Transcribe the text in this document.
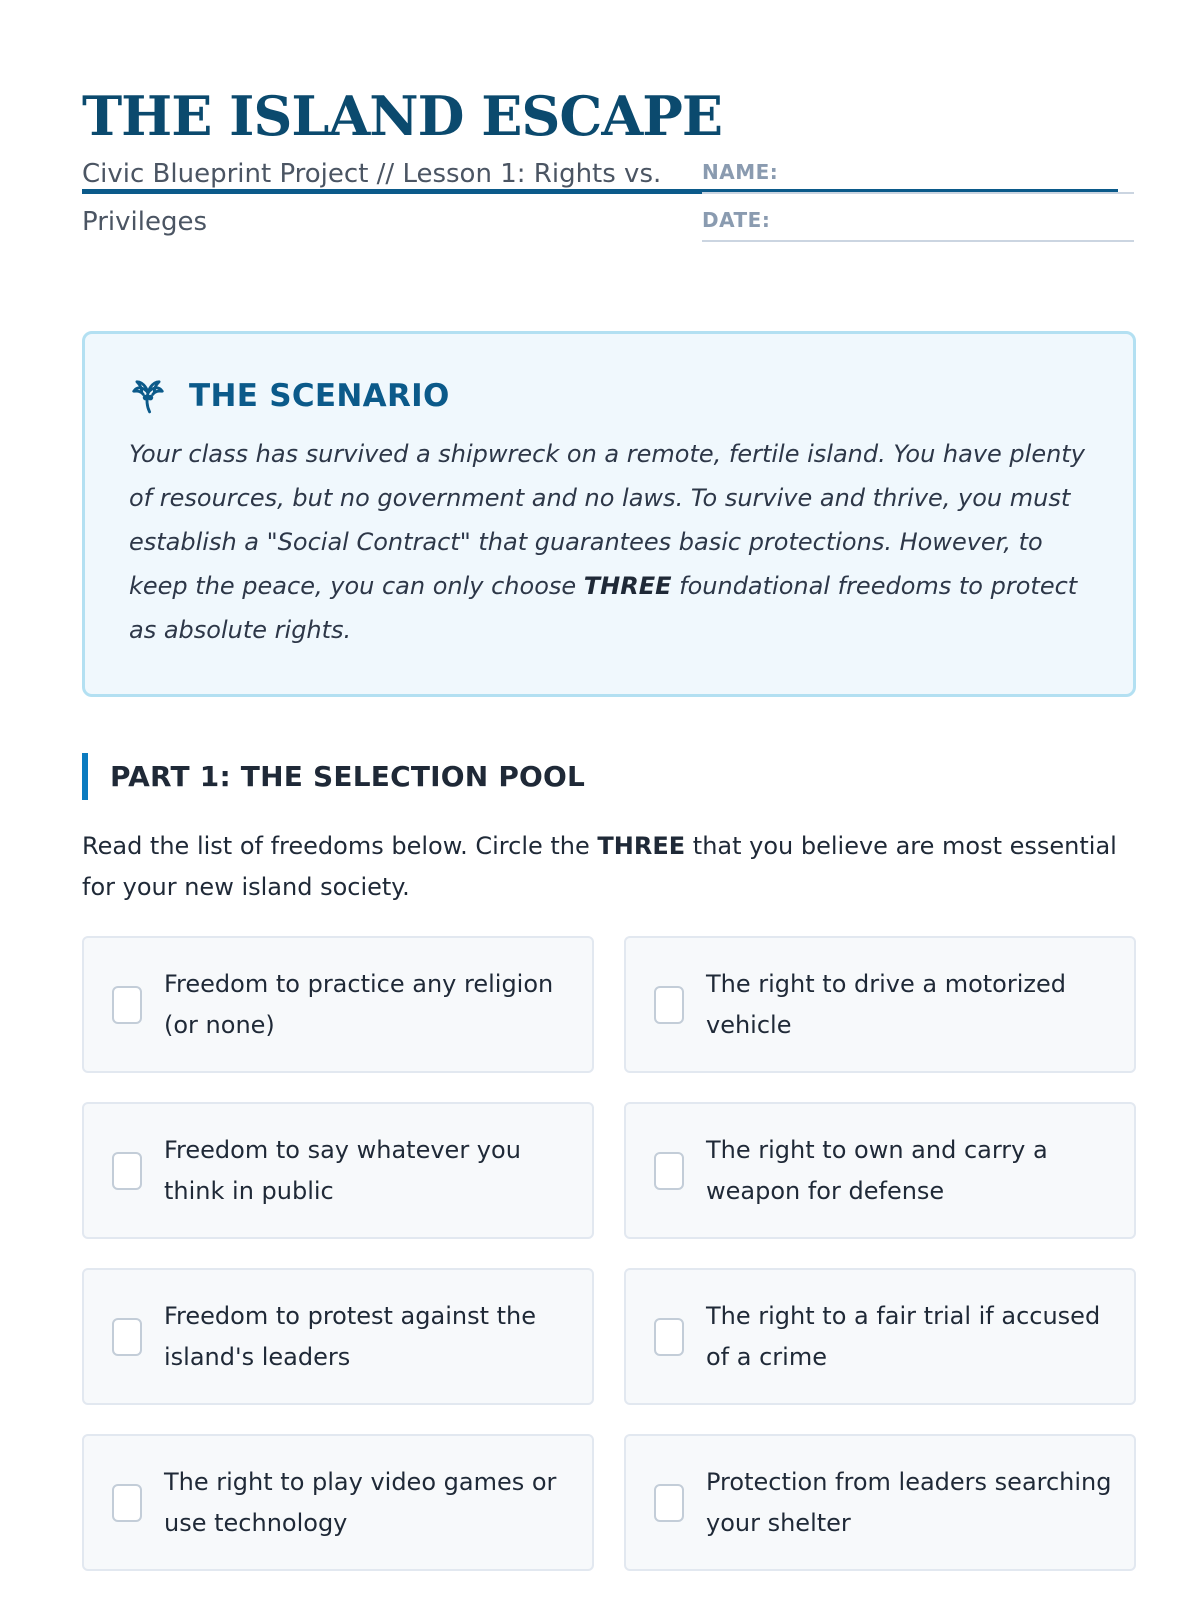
THE ISLAND ESCAPE
Civic Blueprint Project // Lesson 1: Rights vs. Privileges
NAME:
DATE:
THE SCENARIO

Your class has survived a shipwreck on a remote, fertile island. You have plenty of resources, but no government and no laws. To survive and thrive, you must establish a "Social Contract" that guarantees basic protections. However, to keep the peace, you can only choose THREE foundational freedoms to protect as absolute rights.

PART 1: THE SELECTION POOL

Read the list of freedoms below. Circle the THREE that you believe are most essential for your new island society.

Freedom to practice any religion (or none)
The right to drive a motorized vehicle
Freedom to say whatever you think in public
The right to own and carry a weapon for defense
Freedom to protest against the island's leaders
The right to a fair trial if accused of a crime
The right to play video games or use technology
Protection from leaders searching your shelter
